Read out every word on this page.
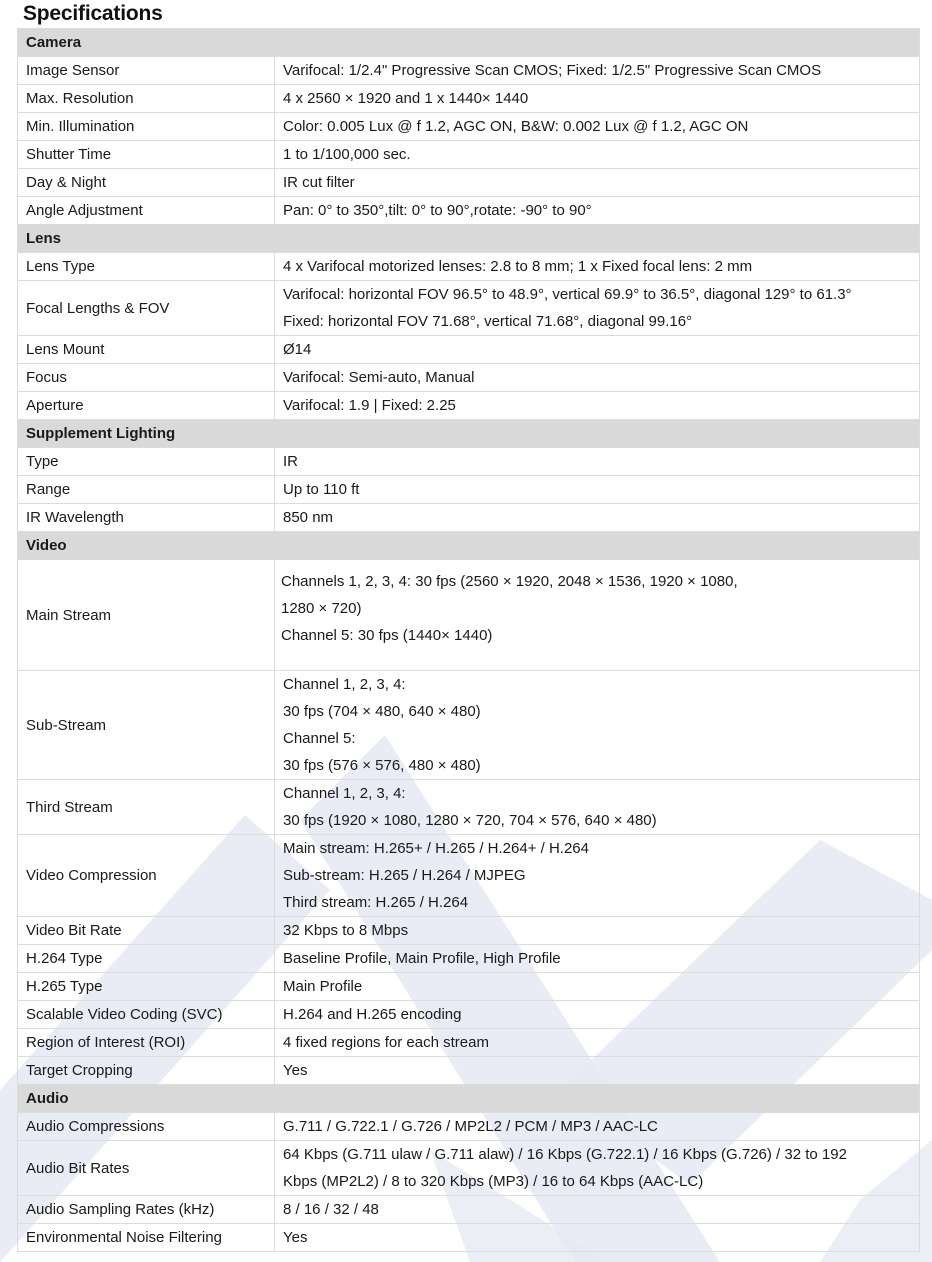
Specifications
Camera	
Image Sensor	Varifocal: 1/2.4" Progressive Scan CMOS; Fixed: 1/2.5" Progressive Scan CMOS

Max. Resolution	4 x 2560 × 1920 and 1 x 1440× 1440

Min. Illumination	Color: 0.005 Lux @ f 1.2, AGC ON, B&W: 0.002 Lux @ f 1.2, AGC ON

Shutter Time	1 to 1/100,000 sec.

Day & Night	IR cut filter

Angle Adjustment	Pan: 0° to 350°,tilt: 0° to 90°,rotate: -90° to 90°

Lens	
Lens Type	4 x Varifocal motorized lenses: 2.8 to 8 mm; 1 x Fixed focal lens: 2 mm

Focal Lengths & FOV	Varifocal: horizontal FOV 96.5° to 48.9°, vertical 69.9° to 36.5°, diagonal 129° to 61.3°
Fixed: horizontal FOV 71.68°, vertical 71.68°, diagonal 99.16°

Lens Mount	Ø14

Focus	Varifocal: Semi-auto, Manual

Aperture	Varifocal: 1.9 | Fixed: 2.25

Supplement Lighting	
Type	IR

Range	Up to 110 ft

IR Wavelength	850 nm

Video	
Main Stream	Channels 1, 2, 3, 4: 30 fps (2560 × 1920, 2048 × 1536, 1920 × 1080,
1280 × 720)
Channel 5: 30 fps (1440× 1440)

Sub-Stream	Channel 1, 2, 3, 4:
30 fps (704 × 480, 640 × 480)
Channel 5:
30 fps (576 × 576, 480 × 480)

Third Stream	Channel 1, 2, 3, 4:
30 fps (1920 × 1080, 1280 × 720, 704 × 576, 640 × 480)

Video Compression	Main stream: H.265+ / H.265 / H.264+ / H.264
Sub-stream: H.265 / H.264 / MJPEG
Third stream: H.265 / H.264

Video Bit Rate	32 Kbps to 8 Mbps

H.264 Type	Baseline Profile, Main Profile, High Profile

H.265 Type	Main Profile

Scalable Video Coding (SVC)	H.264 and H.265 encoding

Region of Interest (ROI)	4 fixed regions for each stream

Target Cropping	Yes

Audio	
Audio Compressions	G.711 / G.722.1 / G.726 / MP2L2 / PCM / MP3 / AAC-LC

Audio Bit Rates	64 Kbps (G.711 ulaw / G.711 alaw) / 16 Kbps (G.722.1) / 16 Kbps (G.726) / 32 to 192
Kbps (MP2L2) / 8 to 320 Kbps (MP3) / 16 to 64 Kbps (AAC-LC)

Audio Sampling Rates (kHz)	8 / 16 / 32 / 48

Environmental Noise Filtering	Yes
